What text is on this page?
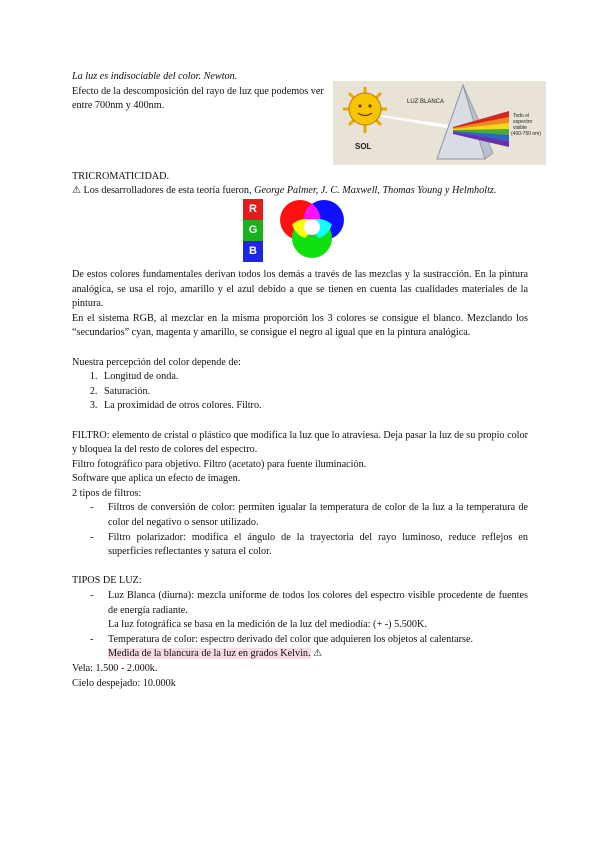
SOL
LUZ BLANCA
Todo el
espectro
visible
(400-750 nm)
La luz es indisociable del color. Newton.
Efecto de la descomposición del rayo de luz que podemos ver entre 700nm y 400nm.
TRICROMATICIDAD.
⚠ Los desarrolladores de esta teoría fueron, George Palmer, J. C. Maxwell, Thomas Young y Helmholtz.
R
G
B
De estos colores fundamentales derivan todos los demás a través de las mezclas y la sustracción. En la pintura analógica, se usa el rojo, amarillo y el azul debido a que se tienen en cuenta las cualidades materiales de la pintura.
En el sistema RGB, al mezclar en la misma proporción los 3 colores se consigue el blanco. Mezclando los “secundarios” cyan, magenta y amarillo, se consigue el negro al igual que en la pintura analógica.
Nuestra percepción del color depende de:
1. Longitud de onda.
2. Saturación.
3. La proximidad de otros colores. Filtro.
FILTRO: elemento de cristal o plástico que modifica la luz que lo atraviesa. Deja pasar la luz de su propio color y bloquea la del resto de colores del espectro.
Filtro fotográfico para objetivo. Filtro (acetato) para fuente iluminación.
Software que aplica un efecto de imagen.
2 tipos de filtros:
- Filtros de conversión de color: permiten igualar la temperatura de color de la luz a la temperatura de color del negativo o sensor utilizado.
- Filtro polarizador: modifica el ángulo de la trayectoria del rayo luminoso, reduce reflejos en superficies reflectantes y satura el color.
TIPOS DE LUZ:
- Luz Blanca (diurna): mezcla uniforme de todos los colores del espectro visible procedente de fuentes de energía radiante.
La luz fotográfica se basa en la medición de la luz del mediodía: (+ -) 5.500K.
- Temperatura de color: espectro derivado del color que adquieren los objetos al calentarse.
Medida de la blancura de la luz en grados Kelvin. ⚠
Vela: 1.500 - 2.000k.
Cielo despejado: 10.000k
